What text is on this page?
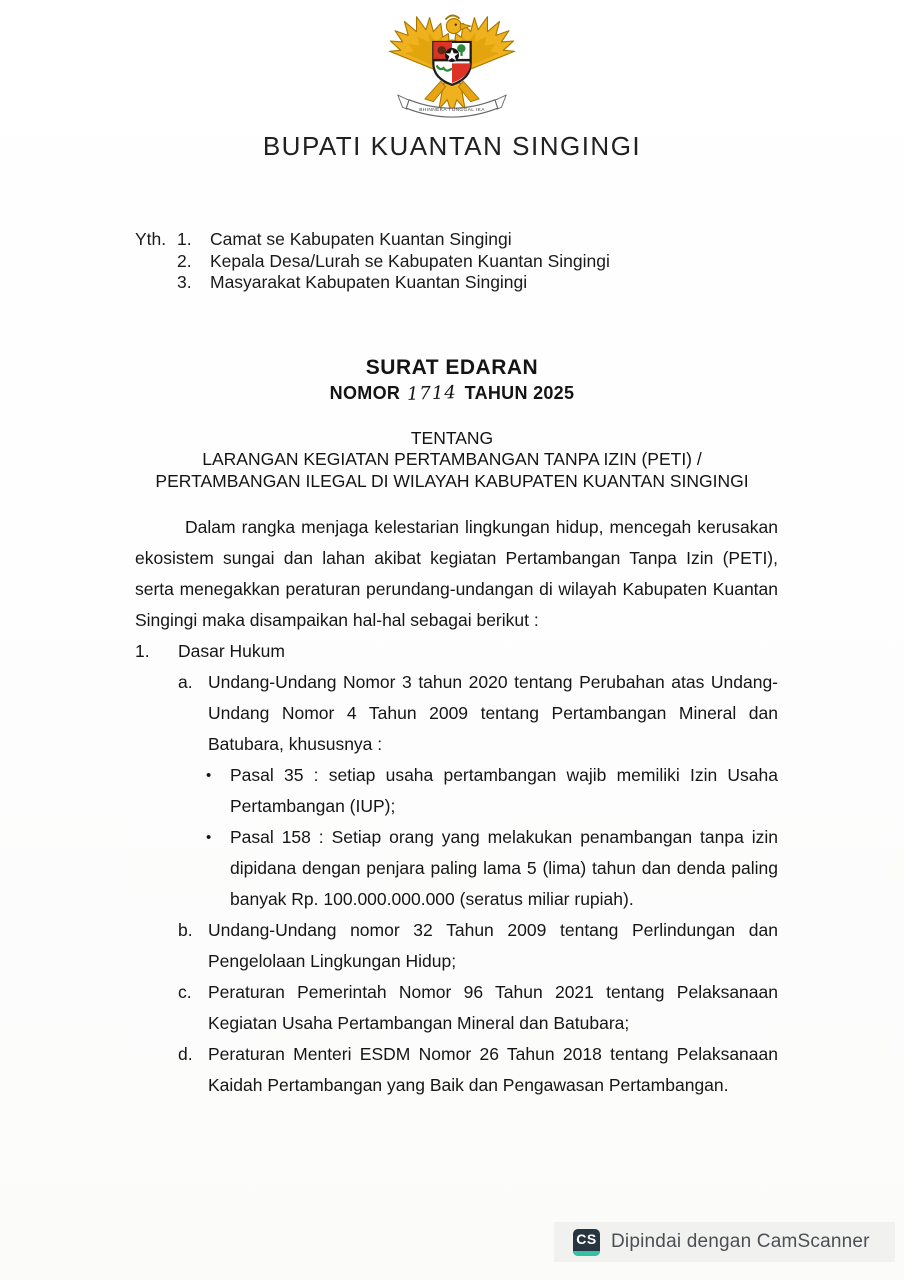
BHINNEKA TUNGGAL IKA
BUPATI KUANTAN SINGINGI
Yth. 1.	Camat se Kabupaten Kuantan Singingi
2.	Kepala Desa/Lurah se Kabupaten Kuantan Singingi
3.	Masyarakat Kabupaten Kuantan Singingi
SURAT EDARAN
NOMOR 1714 TAHUN 2025
TENTANG
LARANGAN KEGIATAN PERTAMBANGAN TANPA IZIN (PETI) /
PERTAMBANGAN ILEGAL DI WILAYAH KABUPATEN KUANTAN SINGINGI

Dalam rangka menjaga kelestarian lingkungan hidup, mencegah kerusakan ekosistem sungai dan lahan akibat kegiatan Pertambangan Tanpa Izin (PETI), serta menegakkan peraturan perundang-undangan di wilayah Kabupaten Kuantan Singingi maka disampaikan hal-hal sebagai berikut :

1.	Dasar Hukum
a. Undang-Undang Nomor 3 tahun 2020 tentang Perubahan atas Undang-Undang Nomor 4 Tahun 2009 tentang Pertambangan Mineral dan Batubara, khususnya :
•	Pasal 35 : setiap usaha pertambangan wajib memiliki Izin Usaha Pertambangan (IUP);
•	Pasal 158 : Setiap orang yang melakukan penambangan tanpa izin dipidana dengan penjara paling lama 5 (lima) tahun dan denda paling banyak Rp. 100.000.000.000 (seratus miliar rupiah).
b. Undang-Undang nomor 32 Tahun 2009 tentang Perlindungan dan Pengelolaan Lingkungan Hidup;
c. Peraturan Pemerintah Nomor 96 Tahun 2021 tentang Pelaksanaan Kegiatan Usaha Pertambangan Mineral dan Batubara;
d. Peraturan Menteri ESDM Nomor 26 Tahun 2018 tentang Pelaksanaan Kaidah Pertambangan yang Baik dan Pengawasan Pertambangan.
CS Dipindai dengan CamScanner
